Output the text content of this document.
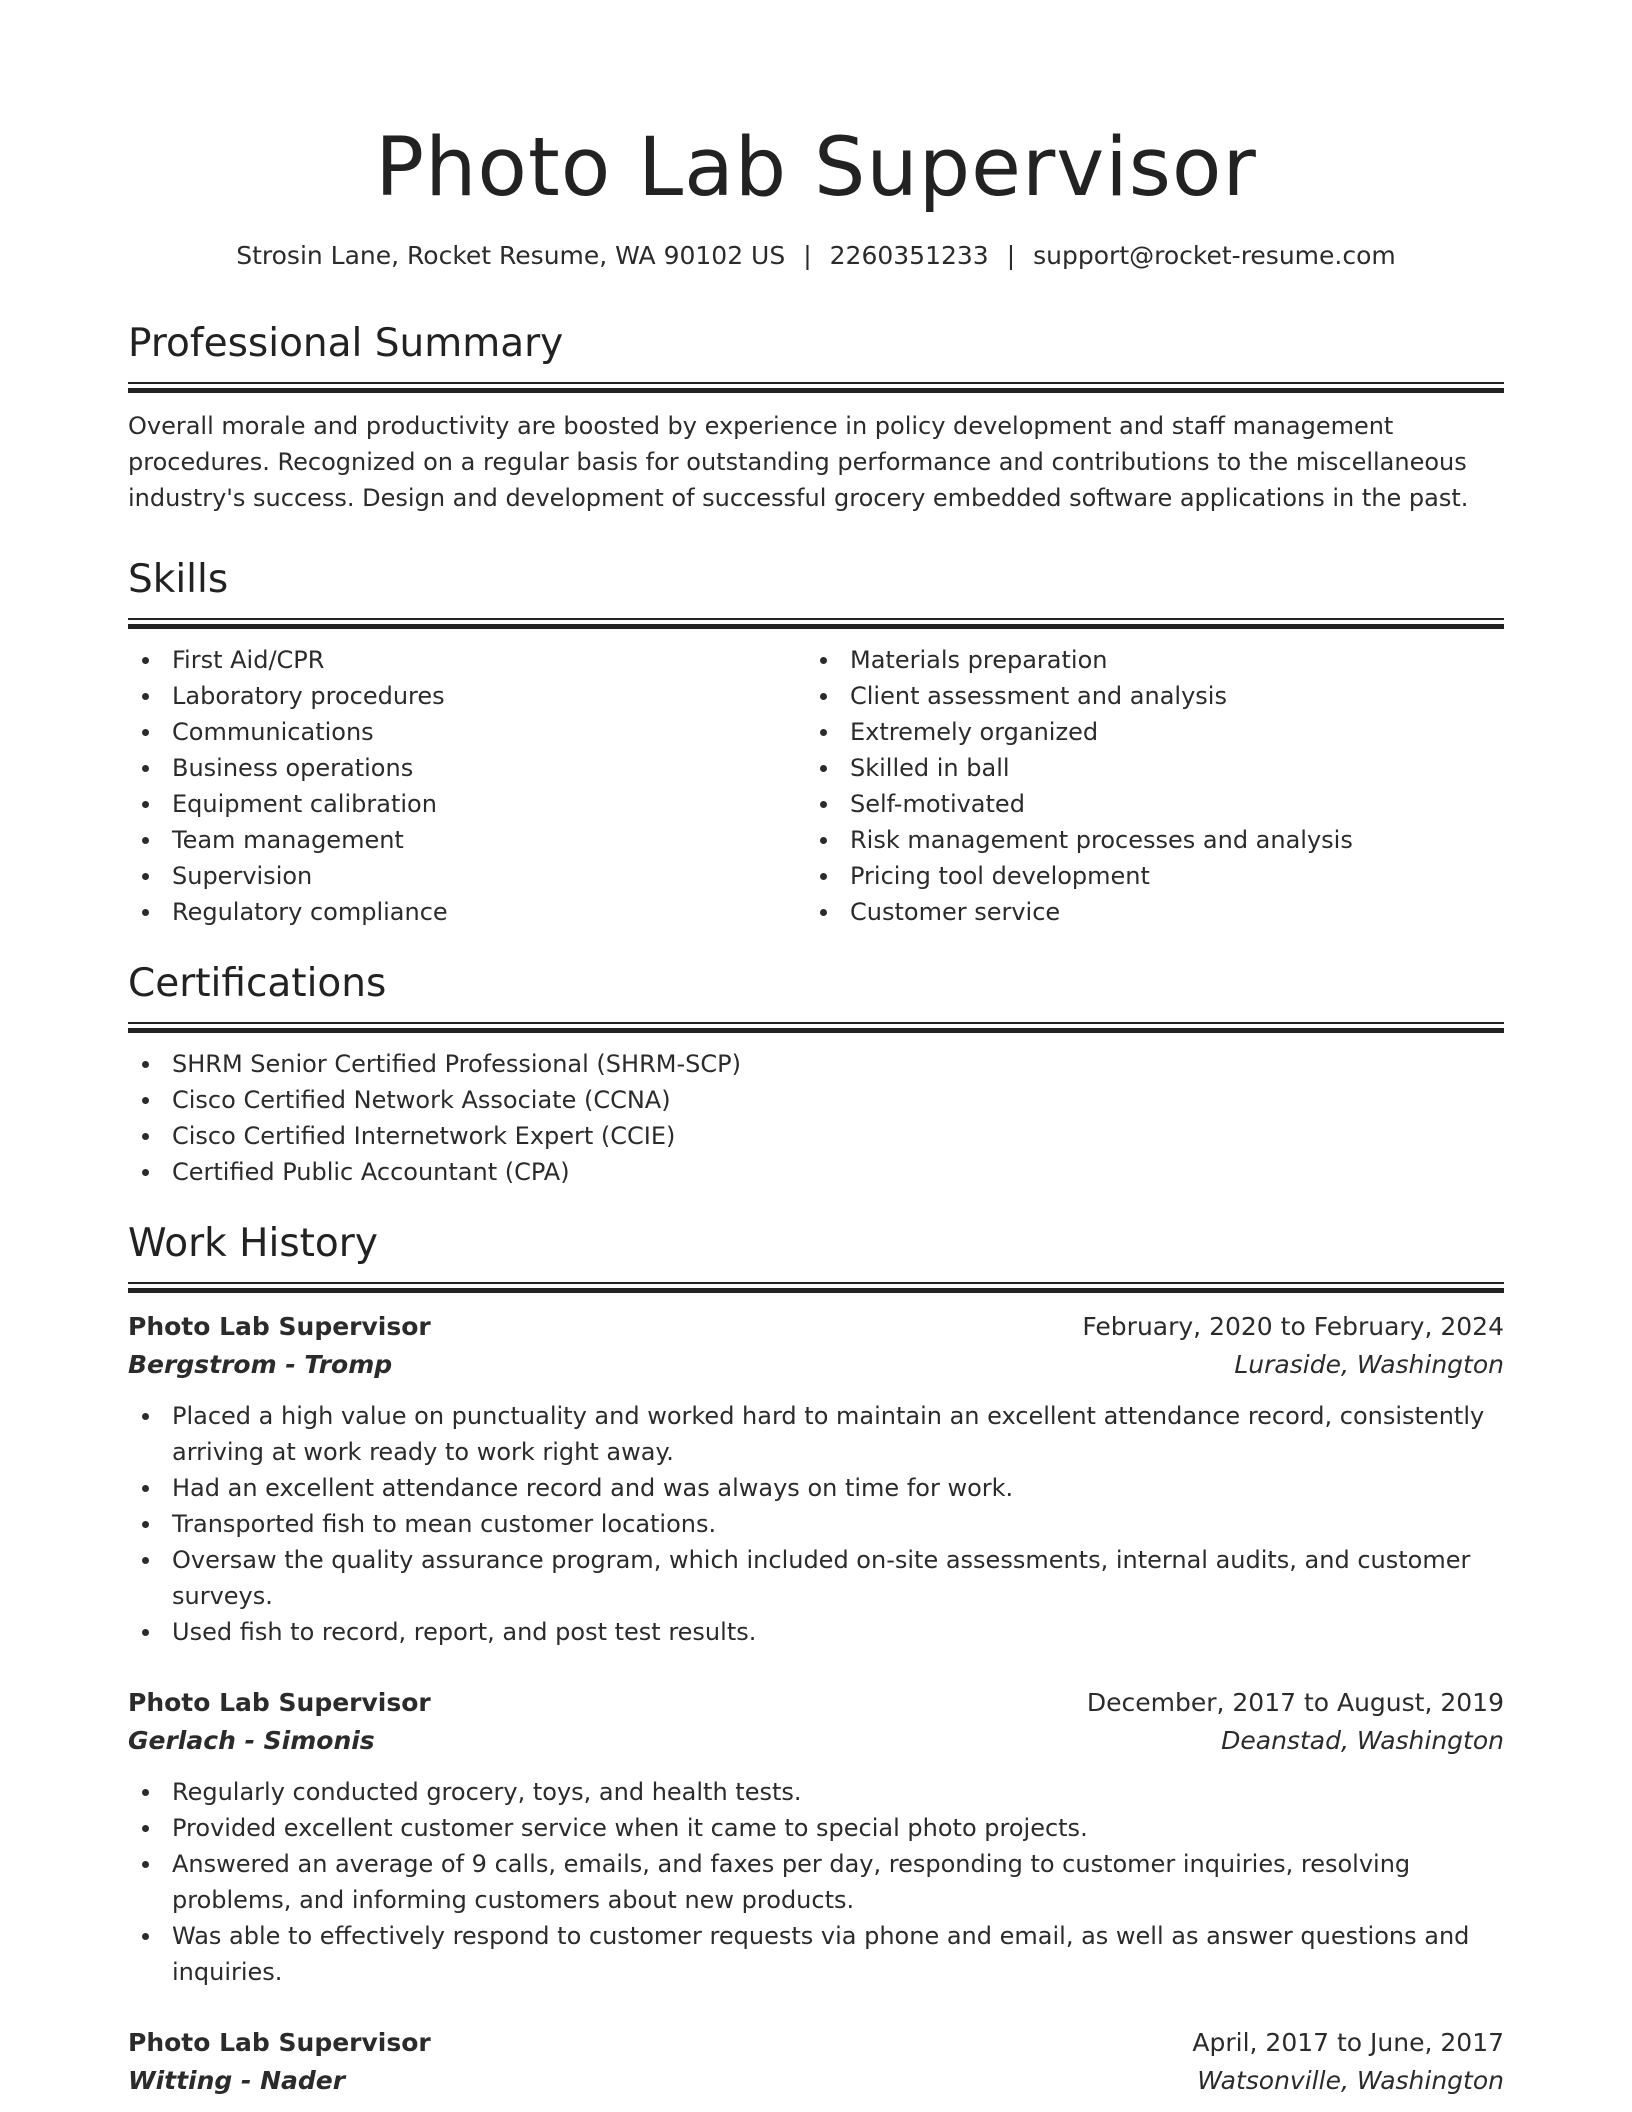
Photo Lab Supervisor
Strosin Lane, Rocket Resume, WA 90102 US | 2260351233 | support@rocket-resume.com
Professional Summary
Overall morale and productivity are boosted by experience in policy development and staff management procedures. Recognized on a regular basis for outstanding performance and contributions to the miscellaneous industry's success. Design and development of successful grocery embedded software applications in the past.
Skills
First Aid/CPR
Laboratory procedures
Communications
Business operations
Equipment calibration
Team management
Supervision
Regulatory compliance
Materials preparation
Client assessment and analysis
Extremely organized
Skilled in ball
Self-motivated
Risk management processes and analysis
Pricing tool development
Customer service
Certifications
SHRM Senior Certified Professional (SHRM-SCP)
Cisco Certified Network Associate (CCNA)
Cisco Certified Internetwork Expert (CCIE)
Certified Public Accountant (CPA)
Work History
Photo Lab Supervisor	February, 2020 to February, 2024
Bergstrom - Tromp	Luraside, Washington
Placed a high value on punctuality and worked hard to maintain an excellent attendance record, consistently arriving at work ready to work right away.
Had an excellent attendance record and was always on time for work.
Transported fish to mean customer locations.
Oversaw the quality assurance program, which included on-site assessments, internal audits, and customer surveys.
Used fish to record, report, and post test results.
Photo Lab Supervisor	December, 2017 to August, 2019
Gerlach - Simonis	Deanstad, Washington
Regularly conducted grocery, toys, and health tests.
Provided excellent customer service when it came to special photo projects.
Answered an average of 9 calls, emails, and faxes per day, responding to customer inquiries, resolving problems, and informing customers about new products.
Was able to effectively respond to customer requests via phone and email, as well as answer questions and inquiries.
Photo Lab Supervisor	April, 2017 to June, 2017
Witting - Nader	Watsonville, Washington
